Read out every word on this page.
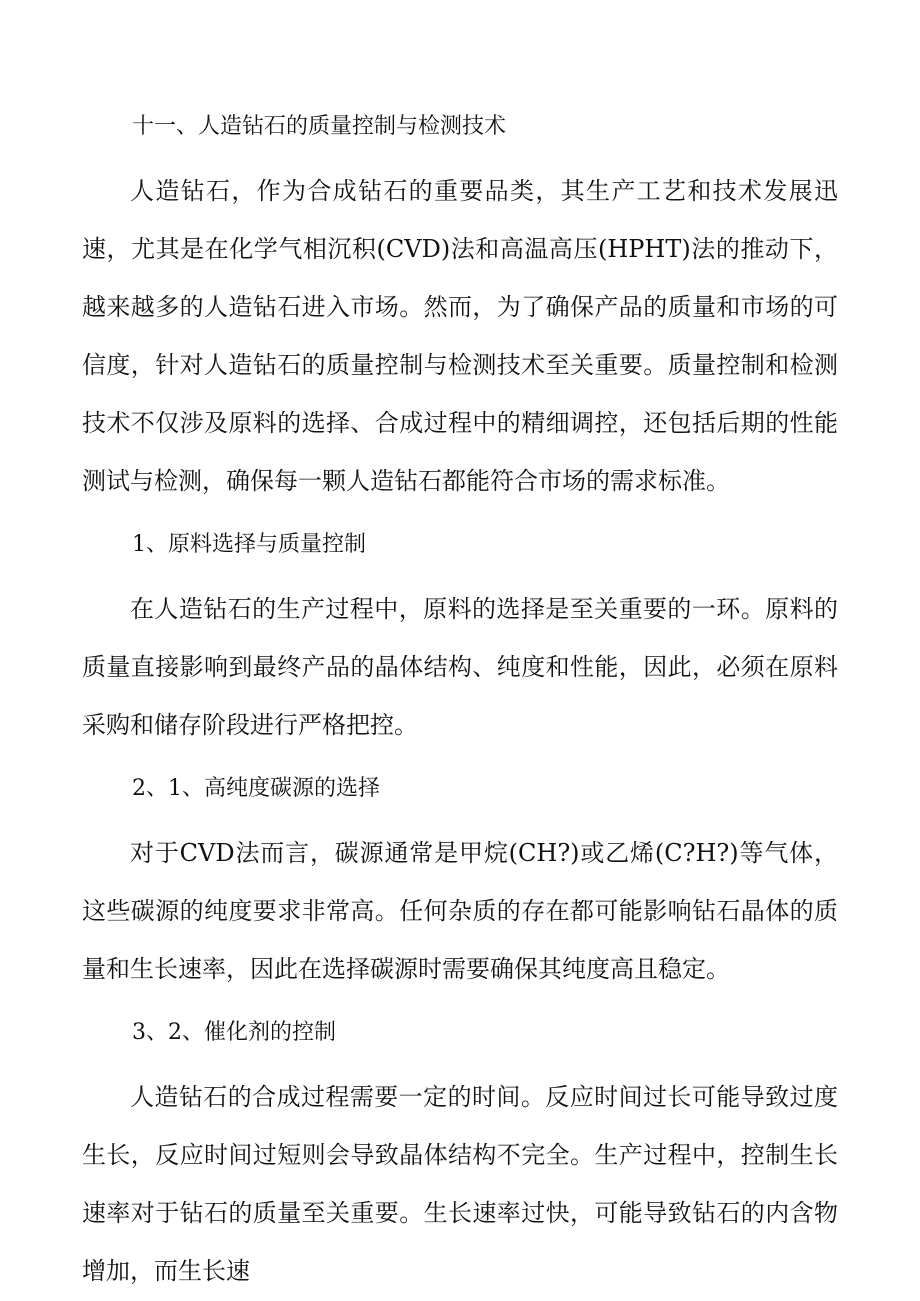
十一、人造钻石的质量控制与检测技术

人造钻石，作为合成钻石的重要品类，其生产工艺和技术发展迅速，尤其是在化学气相沉积(CVD)法和高温高压(HPHT)法的推动下，越来越多的人造钻石进入市场。然而，为了确保产品的质量和市场的可信度，针对人造钻石的质量控制与检测技术至关重要。质量控制和检测技术不仅涉及原料的选择、合成过程中的精细调控，还包括后期的性能测试与检测，确保每一颗人造钻石都能符合市场的需求标准。

1、原料选择与质量控制

在人造钻石的生产过程中，原料的选择是至关重要的一环。原料的质量直接影响到最终产品的晶体结构、纯度和性能，因此，必须在原料采购和储存阶段进行严格把控。

2、1、高纯度碳源的选择

对于CVD法而言，碳源通常是甲烷(CH?)或乙烯(C?H?)等气体，这些碳源的纯度要求非常高。任何杂质的存在都可能影响钻石晶体的质量和生长速率，因此在选择碳源时需要确保其纯度高且稳定。

3、2、催化剂的控制

人造钻石的合成过程需要一定的时间。反应时间过长可能导致过度生长，反应时间过短则会导致晶体结构不完全。生产过程中，控制生长速率对于钻石的质量至关重要。生长速率过快，可能导致钻石的内含物增加，而生长速
